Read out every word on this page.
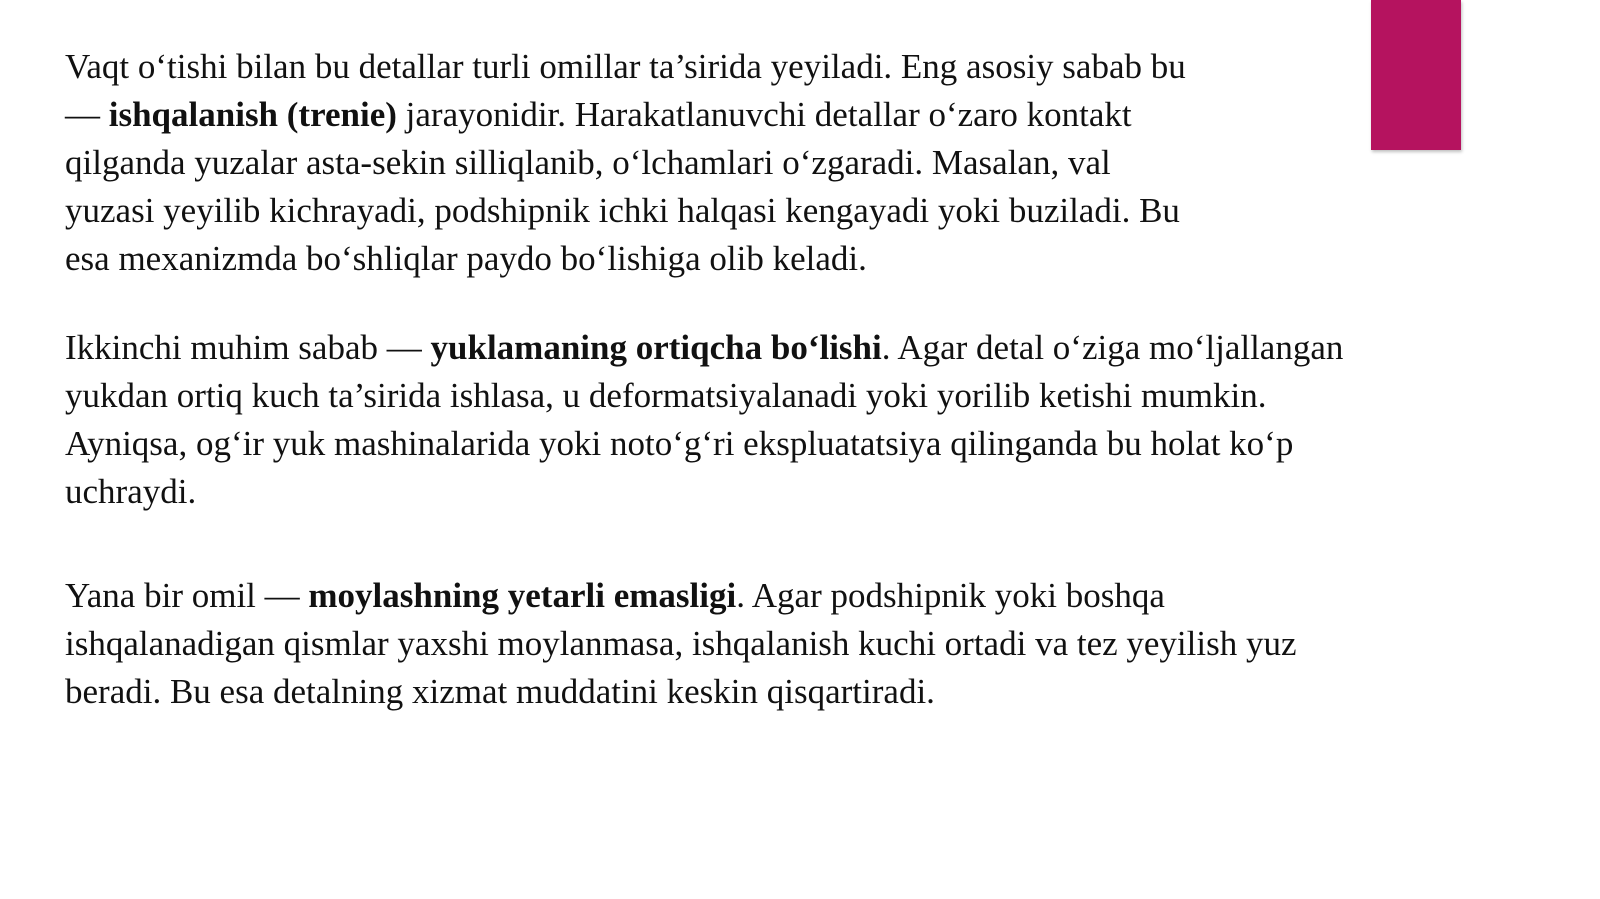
Vaqt o‘tishi bilan bu detallar turli omillar ta’sirida yeyiladi. Eng asosiy sabab bu
— ishqalanish (trenie) jarayonidir. Harakatlanuvchi detallar o‘zaro kontakt
qilganda yuzalar asta-sekin silliqlanib, o‘lchamlari o‘zgaradi. Masalan, val
yuzasi yeyilib kichrayadi, podshipnik ichki halqasi kengayadi yoki buziladi. Bu
esa mexanizmda bo‘shliqlar paydo bo‘lishiga olib keladi.
Ikkinchi muhim sabab — yuklamaning ortiqcha bo‘lishi. Agar detal o‘ziga mo‘ljallangan
yukdan ortiq kuch ta’sirida ishlasa, u deformatsiyalanadi yoki yorilib ketishi mumkin.
Ayniqsa, og‘ir yuk mashinalarida yoki noto‘g‘ri ekspluatatsiya qilinganda bu holat ko‘p
uchraydi.
Yana bir omil — moylashning yetarli emasligi. Agar podshipnik yoki boshqa
ishqalanadigan qismlar yaxshi moylanmasa, ishqalanish kuchi ortadi va tez yeyilish yuz
beradi. Bu esa detalning xizmat muddatini keskin qisqartiradi.
